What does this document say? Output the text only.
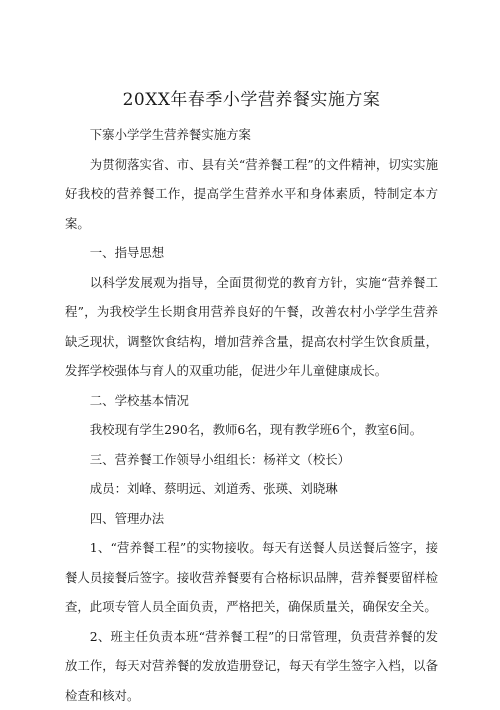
20XX年春季小学营养餐实施方案

下寨小学学生营养餐实施方案

为贯彻落实省、市、县有关“营养餐工程”的文件精神，切实实施好我校的营养餐工作，提高学生营养水平和身体素质，特制定本方案。

一、指导思想

以科学发展观为指导，全面贯彻党的教育方针，实施“营养餐工程”，为我校学生长期食用营养良好的午餐，改善农村小学学生营养缺乏现状，调整饮食结构，增加营养含量，提高农村学生饮食质量，发挥学校强体与育人的双重功能，促进少年儿童健康成长。

二、学校基本情况

我校现有学生290名，教师6名，现有教学班6个，教室6间。

三、营养餐工作领导小组组长：杨祥文（校长）

成员：刘峰、蔡明远、刘道秀、张瑛、刘晓琳

四、管理办法

1、“营养餐工程”的实物接收。每天有送餐人员送餐后签字，接餐人员接餐后签字。接收营养餐要有合格标识品牌，营养餐要留样检查，此项专管人员全面负责，严格把关，确保质量关，确保安全关。

2、班主任负责本班“营养餐工程”的日常管理，负责营养餐的发放工作，每天对营养餐的发放造册登记，每天有学生签字入档，以备检查和核对。
